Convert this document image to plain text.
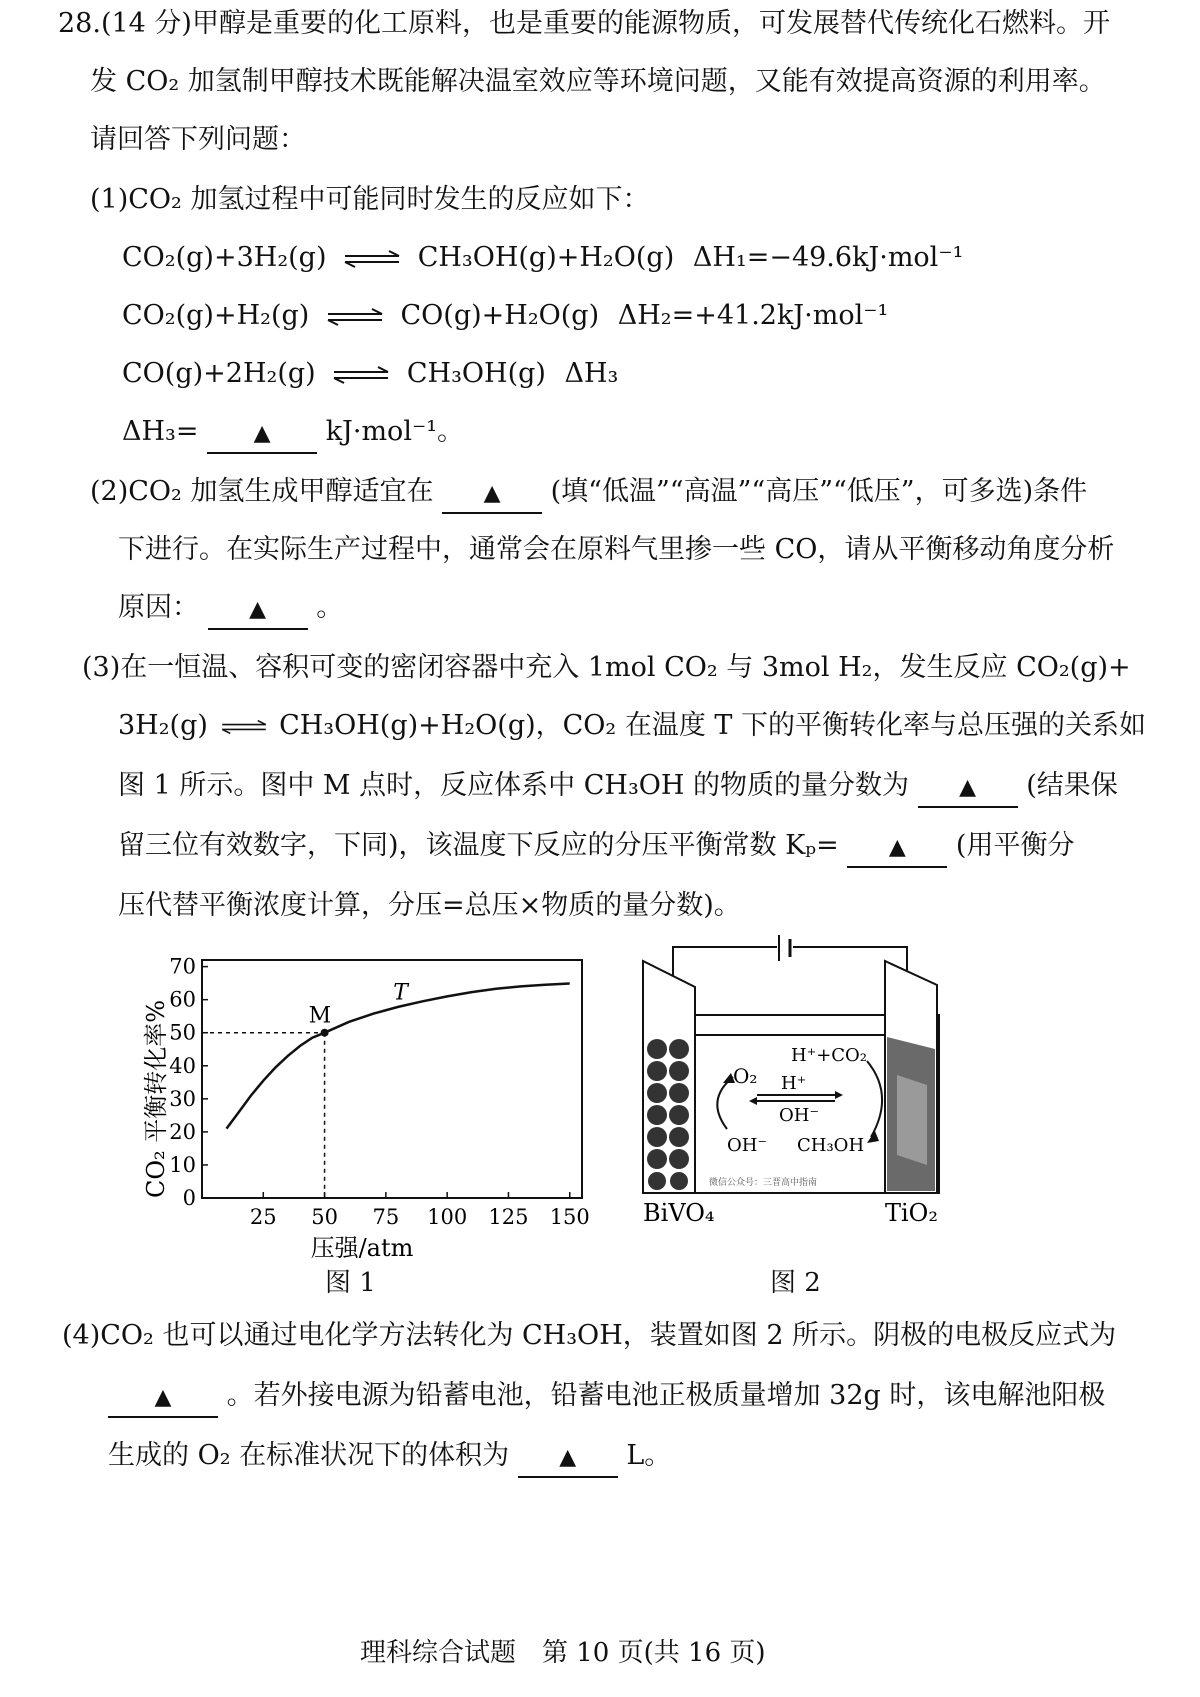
28.(14 分)甲醇是重要的化工原料，也是重要的能源物质，可发展替代传统化石燃料。开
发 CO₂ 加氢制甲醇技术既能解决温室效应等环境问题，又能有效提高资源的利用率。
请回答下列问题：
(1)CO₂ 加氢过程中可能同时发生的反应如下：
CO₂(g)+3H₂(g) ⇌ CH₃OH(g)+H₂O(g) ΔH₁=−49.6kJ·mol⁻¹
CO₂(g)+H₂(g) ⇌ CO(g)+H₂O(g) ΔH₂=+41.2kJ·mol⁻¹
CO(g)+2H₂(g) ⇌ CH₃OH(g) ΔH₃
ΔH₃=	▲ kJ·mol⁻¹。
(2)CO₂ 加氢生成甲醇适宜在 ▲ (填“低温”“高温”“高压”“低压”，可多选)条件
下进行。在实际生产过程中，通常会在原料气里掺一些 CO，请从平衡移动角度分析
原因： ▲ 。
(3)在一恒温、容积可变的密闭容器中充入 1mol CO₂ 与 3mol H₂，发生反应 CO₂(g)+
3H₂(g) ⇌ CH₃OH(g)+H₂O(g)，CO₂ 在温度 T 下的平衡转化率与总压强的关系如
图 1 所示。图中 M 点时，反应体系中 CH₃OH 的物质的量分数为 ▲ (结果保
留三位有效数字，下同)，该温度下反应的分压平衡常数 Kₚ= ▲ (用平衡分
压代替平衡浓度计算，分压=总压×物质的量分数)。
25 50 75 100 125 150
0
10
20
30
40
50
60
70
M
T
CO₂ 平衡转化率%
压强/atm
图 1
O₂ H⁺
H⁺+CO₂
OH⁻
OH⁻ CH₃OH
微信公众号：三晋高中指南
BiVO₄	TiO₂
图 2
(4)CO₂ 也可以通过电化学方法转化为 CH₃OH，装置如图 2 所示。阴极的电极反应式为
▲ 。若外接电源为铅蓄电池，铅蓄电池正极质量增加 32g 时，该电解池阳极
生成的 O₂ 在标准状况下的体积为 ▲ L。
理科综合试题　第 10 页(共 16 页)
